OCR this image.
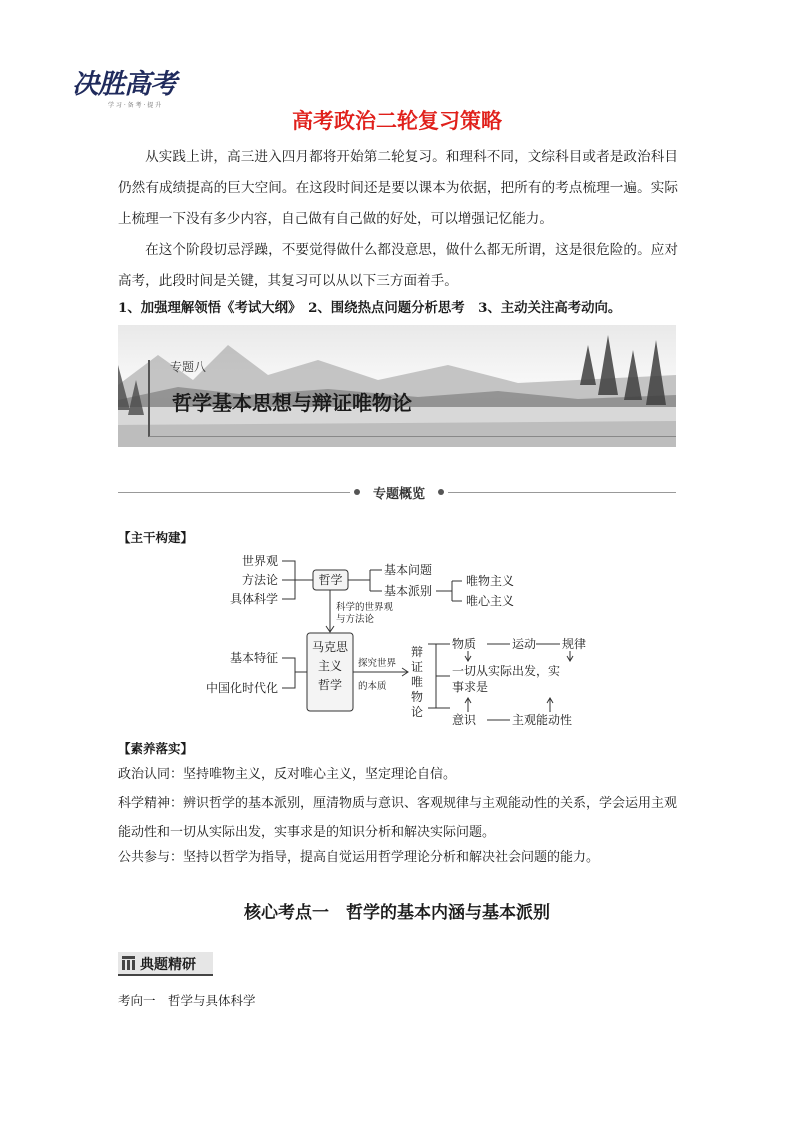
决胜高考
学 习 · 备 考 · 提 升
高考政治二轮复习策略
从实践上讲，高三进入四月都将开始第二轮复习。和理科不同，文综科目或者是政治科目仍然有成绩提高的巨大空间。在这段时间还是要以课本为依据，把所有的考点梳理一遍。实际上梳理一下没有多少内容，自己做有自己做的好处，可以增强记忆能力。
在这个阶段切忌浮躁，不要觉得做什么都没意思，做什么都无所谓，这是很危险的。应对高考，此段时间是关键，其复习可以从以下三方面着手。
1、加强理解领悟《考试大纲》　2、围绕热点问题分析思考　3、主动关注高考动向。
专题八
哲学基本思想与辩证唯物论
专题概览
【主干构建】
世界观
方法论
具体科学
哲学
基本问题
基本派别
唯物主义
唯心主义
科学的世界观
与方法论
马克思
主义
哲学
基本特征
中国化时代化
探究世界
的本质
辩
证
唯
物
论
物质	运动 规律
一切从实际出发，实
事求是
意识	主观能动性
【素养落实】
政治认同：坚持唯物主义，反对唯心主义，坚定理论自信。
科学精神：辨识哲学的基本派别，厘清物质与意识、客观规律与主观能动性的关系，学会运用主观能动性和一切从实际出发，实事求是的知识分析和解决实际问题。
公共参与：坚持以哲学为指导，提高自觉运用哲学理论分析和解决社会问题的能力。
核心考点一　哲学的基本内涵与基本派别
典题精研
考向一　哲学与具体科学
